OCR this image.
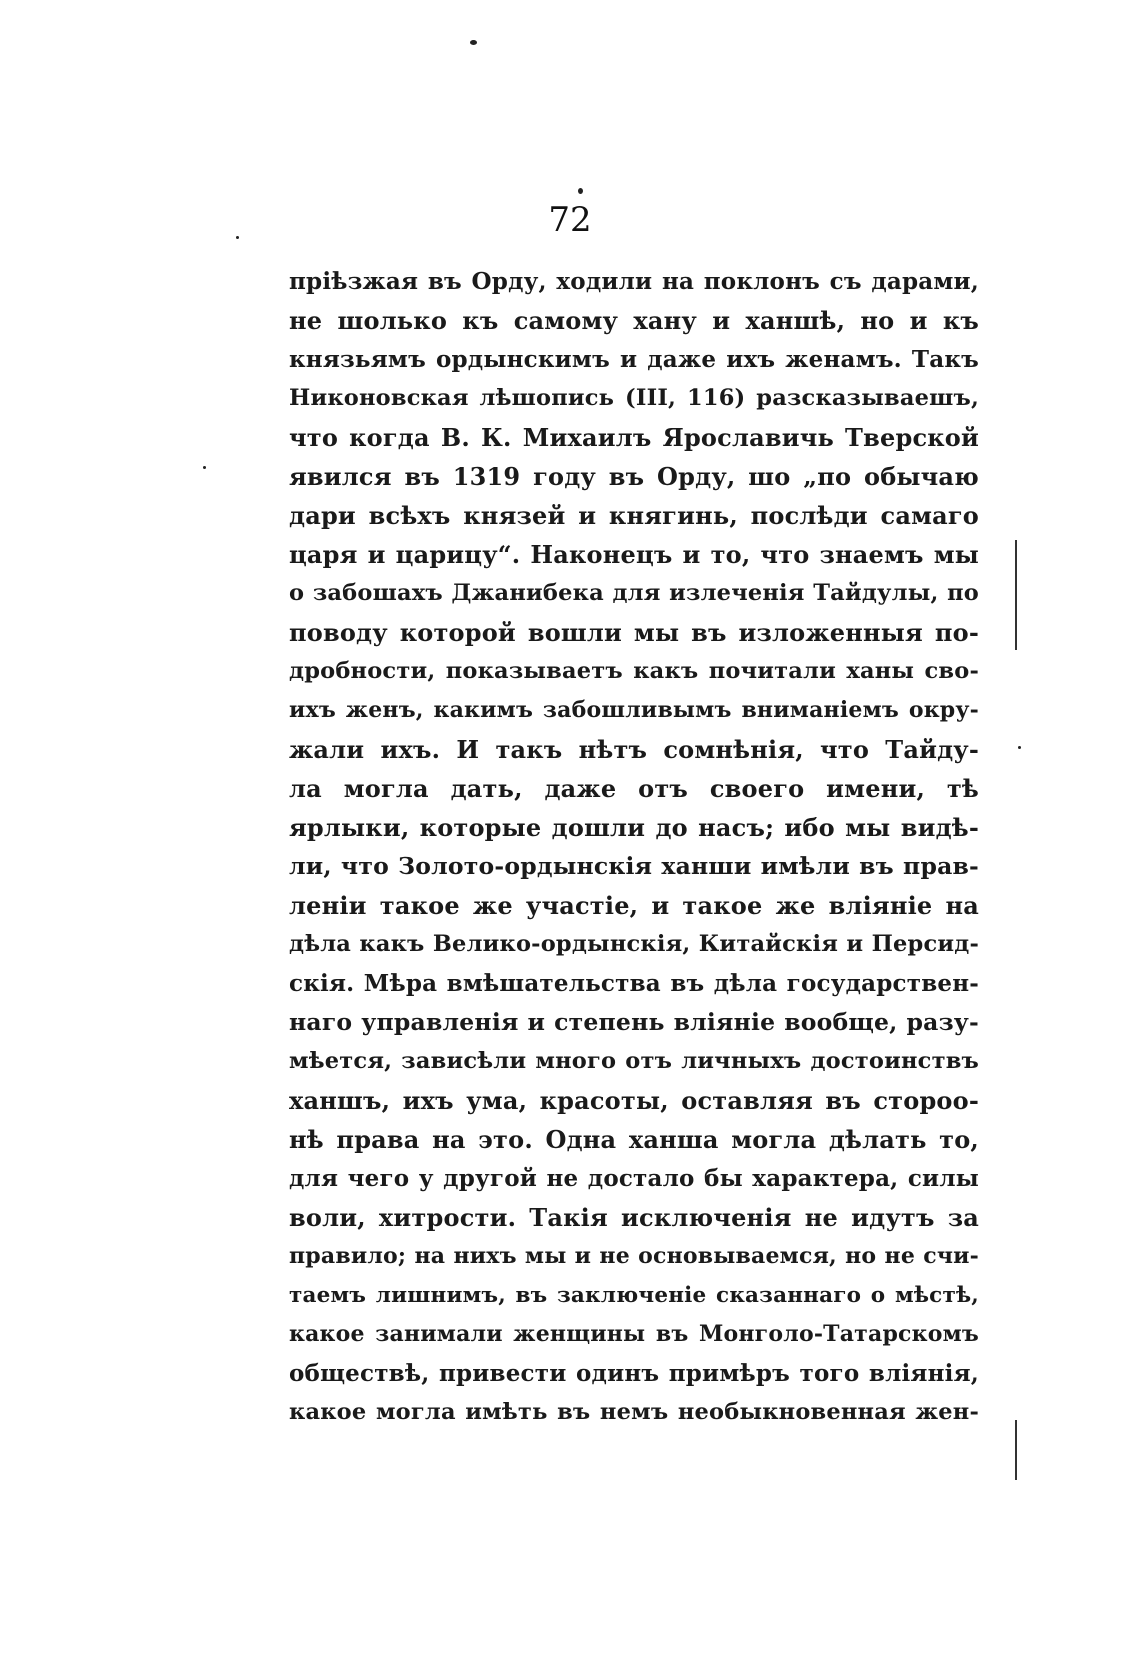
72
пріѣзжая въ Орду, ходили на поклонъ съ дарами,
не шолько къ самому хану и ханшѣ, но и къ
князьямъ ордынскимъ и даже ихъ женамъ. Такъ
Никоновская лѣшопись (III, 116) разсказываешъ,
что когда В. К. Михаилъ Ярославичь Тверской
явился въ 1319 году въ Орду, шо „по обычаю
дари всѣхъ князей и княгинь, послѣди самаго
царя и царицу“. Наконецъ и то, что знаемъ мы
о забошахъ Джанибека для излеченія Тайдулы, по
поводу которой вошли мы въ изложенныя по-
дробности, показываетъ какъ почитали ханы сво-
ихъ женъ, какимъ забошливымъ вниманіемъ окру-
жали ихъ. И такъ нѣтъ сомнѣнія, что Тайду-
ла могла дать, даже отъ своего имени, тѣ
ярлыки, которые дошли до насъ; ибо мы видѣ-
ли, что Золото-ордынскія ханши имѣли въ прав-
леніи такое же участіе, и такое же вліяніе на
дѣла какъ Велико-ордынскія, Китайскія и Персид-
скія. Мѣра вмѣшательства въ дѣла государствен-
наго управленія и степень вліяніе вообще, разу-
мѣется, зависѣли много отъ личныхъ достоинствъ
ханшъ, ихъ ума, красоты, оставляя въ стороо-
нѣ права на это. Одна ханша могла дѣлать то,
для чего у другой не достало бы характера, силы
воли, хитрости. Такія исключенія не идутъ за
правило; на нихъ мы и не основываемся, но не счи-
таемъ лишнимъ, въ заключеніе сказаннаго о мѣстѣ,
какое занимали женщины въ Монголо-Татарскомъ
обществѣ, привести одинъ примѣръ того вліянія,
какое могла имѣть въ немъ необыкновенная жен-
